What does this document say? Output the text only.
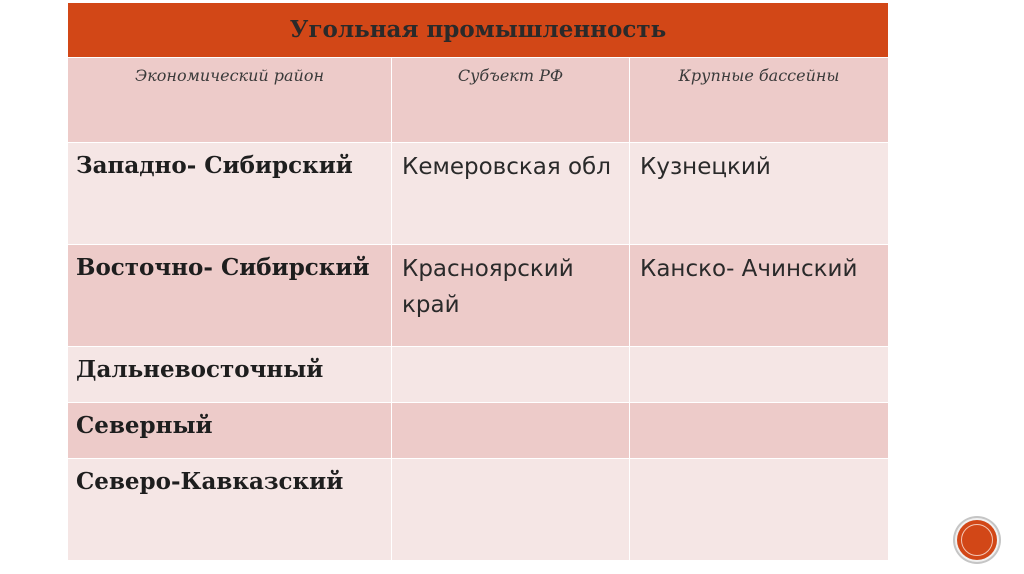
Угольная промышленность		
Экономический район	Субъект РФ	Крупные бассейны
Западно- Сибирский	Кемеровская обл	Кузнецкий
Восточно- Сибирский	Красноярский край	Канско- Ачинский
Дальневосточный		
Северный		
Северо-Кавказский		
